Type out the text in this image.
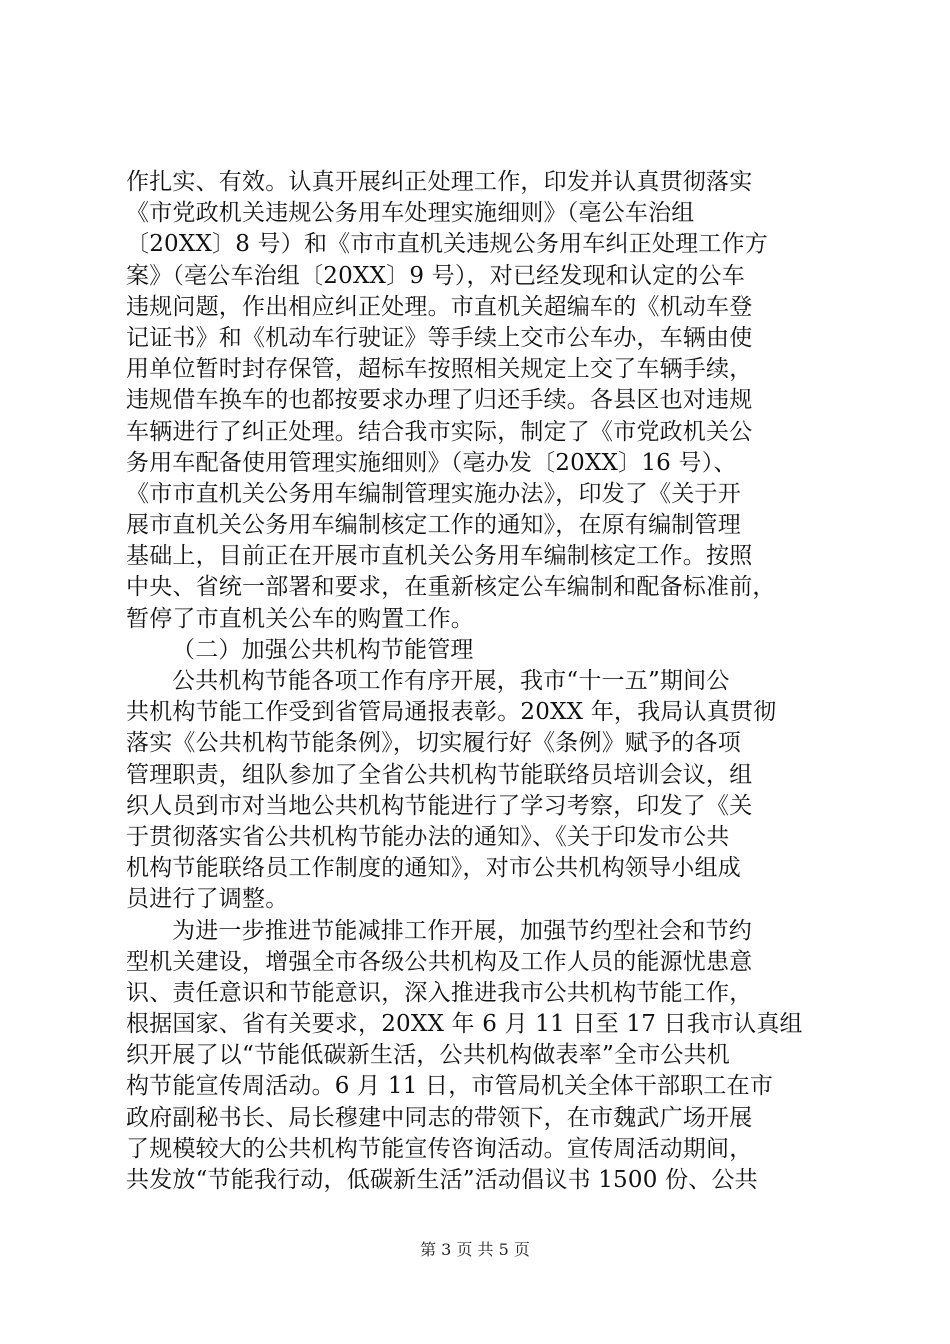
作扎实、有效。认真开展纠正处理工作，印发并认真贯彻落实
《市党政机关违规公务用车处理实施细则》（亳公车治组
〔20XX〕8 号）和《市市直机关违规公务用车纠正处理工作方
案》（亳公车治组〔20XX〕9 号），对已经发现和认定的公车
违规问题，作出相应纠正处理。市直机关超编车的《机动车登
记证书》和《机动车行驶证》等手续上交市公车办，车辆由使
用单位暂时封存保管，超标车按照相关规定上交了车辆手续，
违规借车换车的也都按要求办理了归还手续。各县区也对违规
车辆进行了纠正处理。结合我市实际，制定了《市党政机关公
务用车配备使用管理实施细则》（亳办发〔20XX〕16 号）、
《市市直机关公务用车编制管理实施办法》，印发了《关于开
展市直机关公务用车编制核定工作的通知》，在原有编制管理
基础上，目前正在开展市直机关公务用车编制核定工作。按照
中央、省统一部署和要求，在重新核定公车编制和配备标准前，
暂停了市直机关公车的购置工作。
（二）加强公共机构节能管理
公共机构节能各项工作有序开展，我市“十一五”期间公
共机构节能工作受到省管局通报表彰。20XX 年，我局认真贯彻
落实《公共机构节能条例》，切实履行好《条例》赋予的各项
管理职责，组队参加了全省公共机构节能联络员培训会议，组
织人员到市对当地公共机构节能进行了学习考察，印发了《关
于贯彻落实省公共机构节能办法的通知》、《关于印发市公共
机构节能联络员工作制度的通知》，对市公共机构领导小组成
员进行了调整。
为进一步推进节能减排工作开展，加强节约型社会和节约
型机关建设，增强全市各级公共机构及工作人员的能源忧患意
识、责任意识和节能意识，深入推进我市公共机构节能工作，
根据国家、省有关要求，20XX 年 6 月 11 日至 17 日我市认真组
织开展了以“节能低碳新生活，公共机构做表率”全市公共机
构节能宣传周活动。6 月 11 日，市管局机关全体干部职工在市
政府副秘书长、局长穆建中同志的带领下，在市魏武广场开展
了规模较大的公共机构节能宣传咨询活动。宣传周活动期间，
共发放“节能我行动，低碳新生活”活动倡议书 1500 份、公共
第 3 页 共 5 页
